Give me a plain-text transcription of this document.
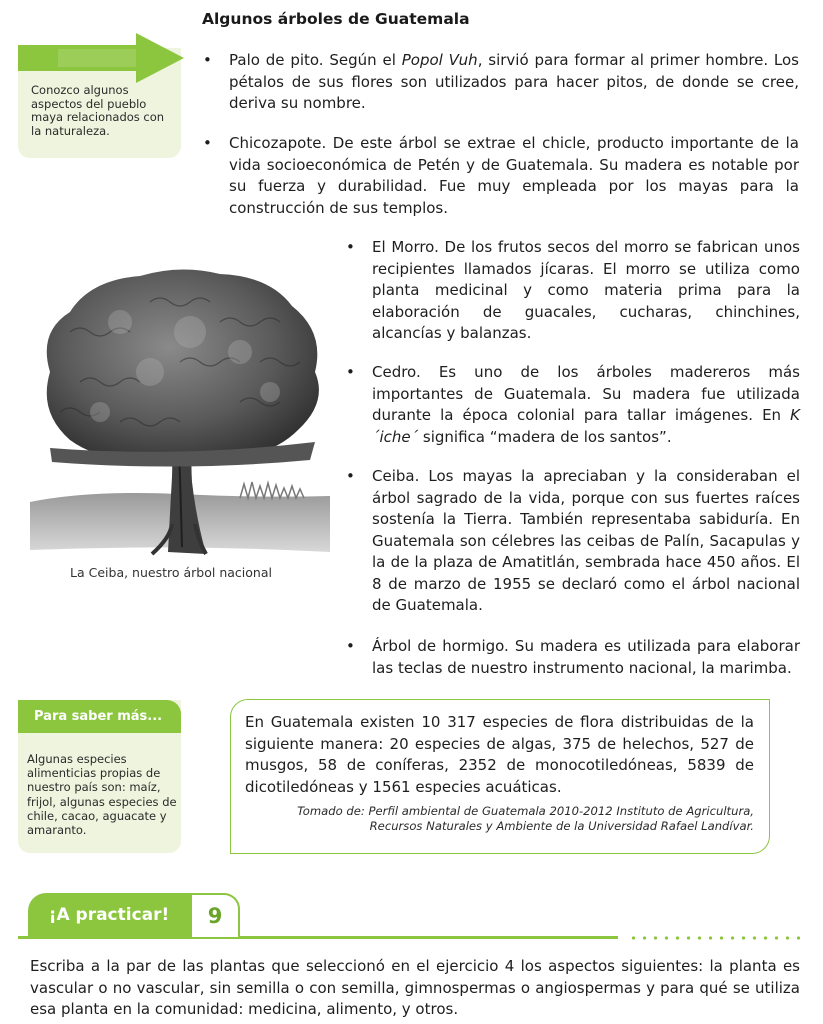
Algunos árboles de Guatemala
Conozco algunos aspectos del pueblo maya relacionados con la naturaleza.
• Palo de pito. Según el Popol Vuh, sirvió para formar al primer hombre. Los pétalos de sus flores son utilizados para hacer pitos, de donde se cree, deriva su nombre.
• Chicozapote. De este árbol se extrae el chicle, producto importante de la vida socioeconómica de Petén y de Guatemala. Su madera es notable por su fuerza y durabilidad. Fue muy empleada por los mayas para la construcción de sus templos.
• El Morro. De los frutos secos del morro se fabrican unos recipientes llamados jícaras. El morro se utiliza como planta medicinal y como materia prima para la elaboración de guacales, cucharas, chinchines, alcancías y balanzas.
• Cedro. Es uno de los árboles madereros más importantes de Guatemala. Su madera fue utilizada durante la época colonial para tallar imágenes. En K´iche´ significa “madera de los santos”.
• Ceiba. Los mayas la apreciaban y la consideraban el árbol sagrado de la vida, porque con sus fuertes raíces sostenía la Tierra. También representaba sabiduría. En Guatemala son célebres las ceibas de Palín, Sacapulas y la de la plaza de Amatitlán, sembrada hace 450 años. El 8 de marzo de 1955 se declaró como el árbol nacional de Guatemala.
• Árbol de hormigo. Su madera es utilizada para elaborar las teclas de nuestro instrumento nacional, la marimba.
La Ceiba, nuestro árbol nacional
Para saber más...
Algunas especies alimenticias propias de nuestro país son: maíz, frijol, algunas especies de chile, cacao, aguacate y amaranto.
En Guatemala existen 10 317 especies de flora distribuidas de la siguiente manera: 20 especies de algas, 375 de helechos, 527 de musgos, 58 de coníferas, 2352 de monocotiledóneas, 5839 de dicotiledóneas y 1561 especies acuáticas.
Tomado de: Perfil ambiental de Guatemala 2010-2012 Instituto de Agricultura,
Recursos Naturales y Ambiente de la Universidad Rafael Landívar.
¡A practicar!	9
Escriba a la par de las plantas que seleccionó en el ejercicio 4 los aspectos siguientes: la planta es vascular o no vascular, sin semilla o con semilla, gimnospermas o angiospermas y para qué se utiliza esa planta en la comunidad: medicina, alimento, y otros.
